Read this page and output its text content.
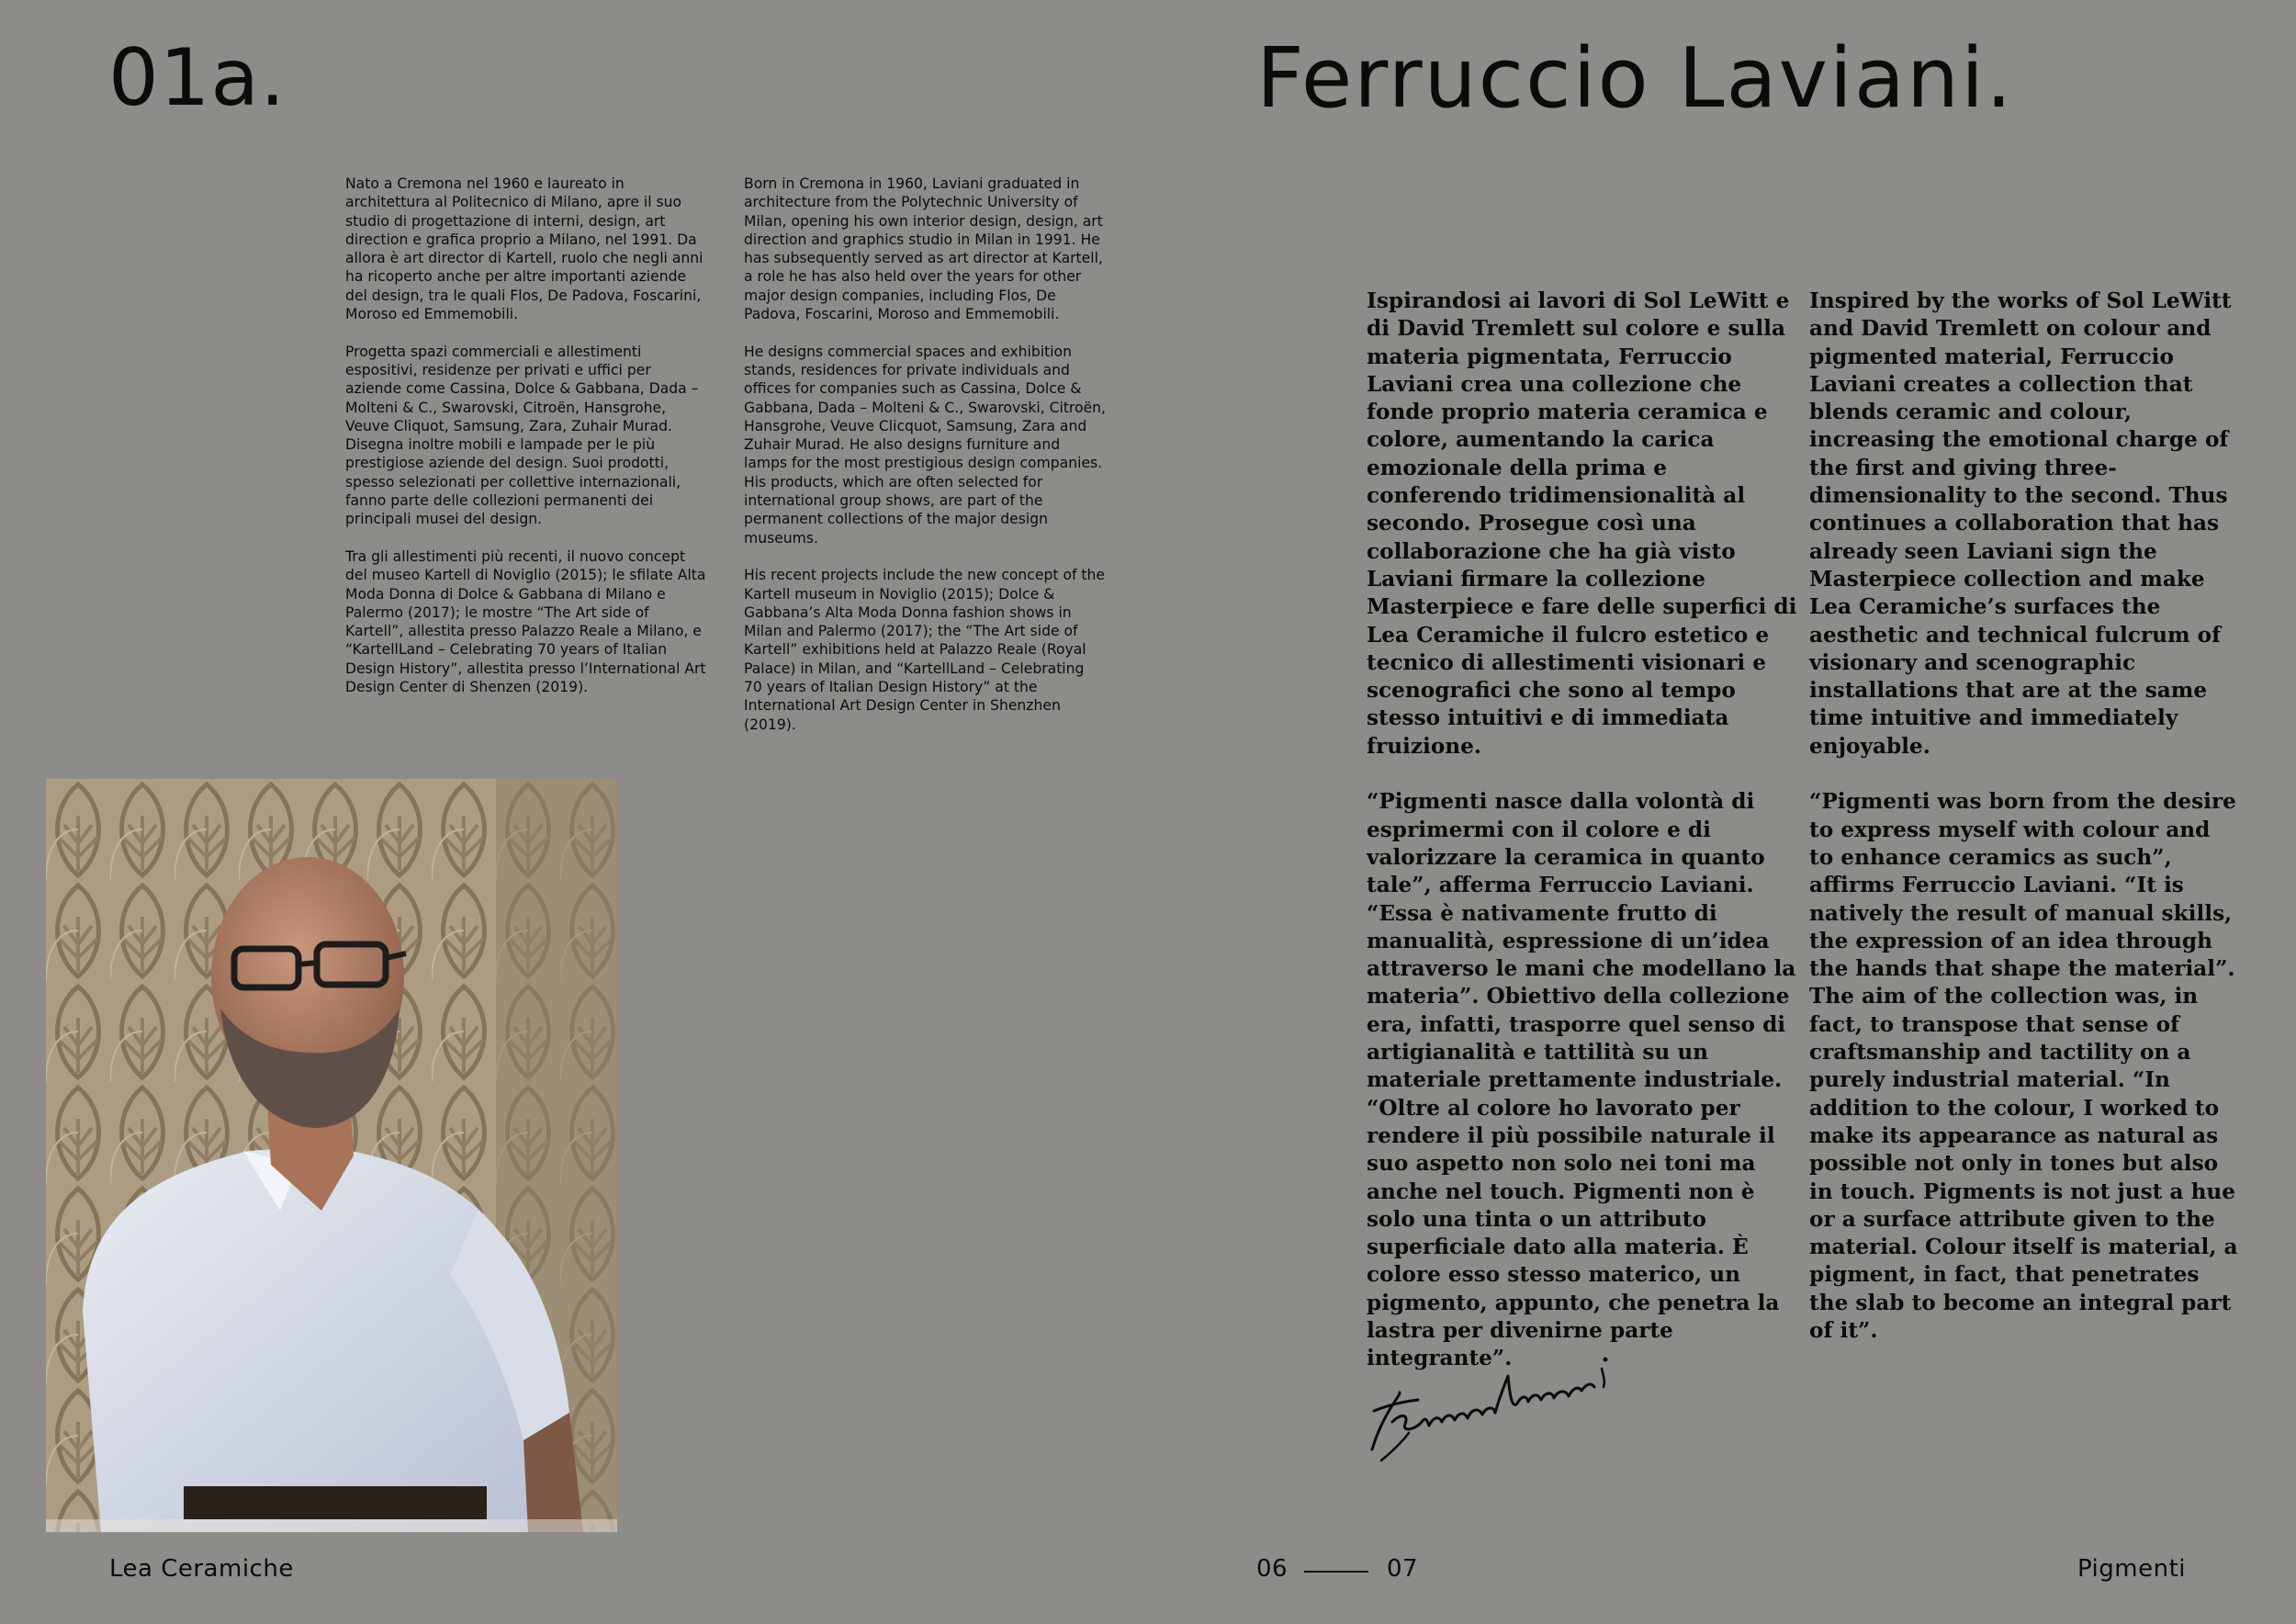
01a.	Ferruccio Laviani.

Nato a Cremona nel 1960 e laureato in architettura al Politecnico di Milano, apre il suo studio di progettazione di interni, design, art direction e grafica proprio a Milano, nel 1991. Da allora è art director di Kartell, ruolo che negli anni ha ricoperto anche per altre importanti aziende del design, tra le quali Flos, De Padova, Foscarini, Moroso ed Emmemobili.

Progetta spazi commerciali e allestimenti espositivi, residenze per privati e uffici per aziende come Cassina, Dolce & Gabbana, Dada – Molteni & C., Swarovski, Citroën, Hansgrohe, Veuve Cliquot, Samsung, Zara, Zuhair Murad. Disegna inoltre mobili e lampade per le più prestigiose aziende del design. Suoi prodotti, spesso selezionati per collettive internazionali, fanno parte delle collezioni permanenti dei principali musei del design.

Tra gli allestimenti più recenti, il nuovo concept del museo Kartell di Noviglio (2015); le sfilate Alta Moda Donna di Dolce & Gabbana di Milano e Palermo (2017); le mostre “The Art side of Kartell”, allestita presso Palazzo Reale a Milano, e “KartellLand – Celebrating 70 years of Italian Design History”, allestita presso l’International Art Design Center di Shenzen (2019).

Born in Cremona in 1960, Laviani graduated in architecture from the Polytechnic University of Milan, opening his own interior design, design, art direction and graphics studio in Milan in 1991. He has subsequently served as art director at Kartell, a role he has also held over the years for other major design companies, including Flos, De Padova, Foscarini, Moroso and Emmemobili.

He designs commercial spaces and exhibition stands, residences for private individuals and offices for companies such as Cassina, Dolce & Gabbana, Dada – Molteni & C., Swarovski, Citroën, Hansgrohe, Veuve Clicquot, Samsung, Zara and Zuhair Murad. He also designs furniture and lamps for the most prestigious design companies. His products, which are often selected for international group shows, are part of the permanent collections of the major design museums.

His recent projects include the new concept of the Kartell museum in Noviglio (2015); Dolce & Gabbana’s Alta Moda Donna fashion shows in Milan and Palermo (2017); the “The Art side of Kartell” exhibitions held at Palazzo Reale (Royal Palace) in Milan, and “KartellLand – Celebrating 70 years of Italian Design History” at the International Art Design Center in Shenzhen (2019).

Ispirandosi ai lavori di Sol LeWitt e di David Tremlett sul colore e sulla materia pigmentata, Ferruccio Laviani crea una collezione che fonde proprio materia ceramica e colore, aumentando la carica emozionale della prima e conferendo tridimensionalità al secondo. Prosegue così una collaborazione che ha già visto Laviani firmare la collezione Masterpiece e fare delle superfici di Lea Ceramiche il fulcro estetico e tecnico di allestimenti visionari e scenografici che sono al tempo stesso intuitivi e di immediata fruizione.

“Pigmenti nasce dalla volontà di esprimermi con il colore e di valorizzare la ceramica in quanto tale”, afferma Ferruccio Laviani. “Essa è nativamente frutto di manualità, espressione di un’idea attraverso le mani che modellano la materia”. Obiettivo della collezione era, infatti, trasporre quel senso di artigianalità e tattilità su un materiale prettamente industriale. “Oltre al colore ho lavorato per rendere il più possibile naturale il suo aspetto non solo nei toni ma anche nel touch. Pigmenti non è solo una tinta o un attributo superficiale dato alla materia. È colore esso stesso materico, un pigmento, appunto, che penetra la lastra per divenirne parte integrante”.

Inspired by the works of Sol LeWitt and David Tremlett on colour and pigmented material, Ferruccio Laviani creates a collection that blends ceramic and colour, increasing the emotional charge of the first and giving three-dimensionality to the second. Thus continues a collaboration that has already seen Laviani sign the Masterpiece collection and make Lea Ceramiche’s surfaces the aesthetic and technical fulcrum of visionary and scenographic installations that are at the same time intuitive and immediately enjoyable.

“Pigmenti was born from the desire to express myself with colour and to enhance ceramics as such”, affirms Ferruccio Laviani. “It is natively the result of manual skills, the expression of an idea through the hands that shape the material”. The aim of the collection was, in fact, to transpose that sense of craftsmanship and tactility on a purely industrial material. “In addition to the colour, I worked to make its appearance as natural as possible not only in tones but also in touch. Pigments is not just a hue or a surface attribute given to the material. Colour itself is material, a pigment, in fact, that penetrates the slab to become an integral part of it”.

Lea Ceramiche	06	07	Pigmenti
